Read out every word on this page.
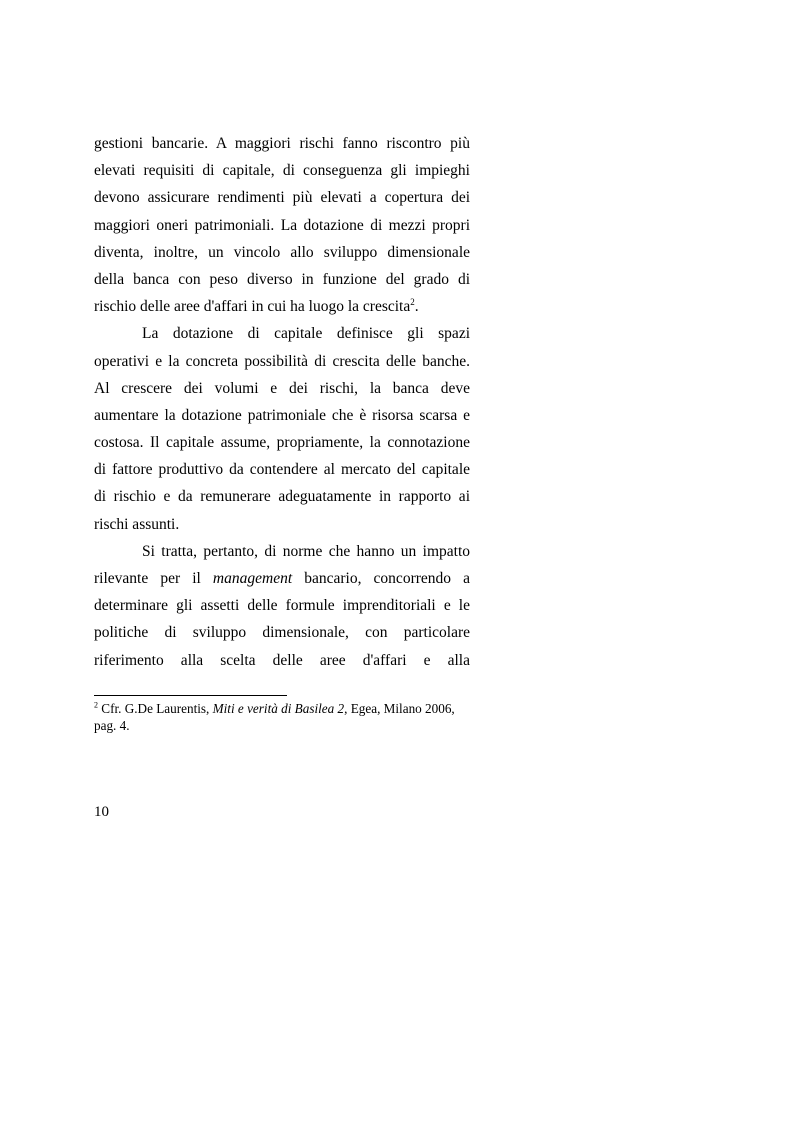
gestioni bancarie. A maggiori rischi fanno riscontro più
elevati requisiti di capitale, di conseguenza gli impieghi
devono assicurare rendimenti più elevati a copertura dei
maggiori oneri patrimoniali. La dotazione di mezzi propri
diventa, inoltre, un vincolo allo sviluppo dimensionale
della banca con peso diverso in funzione del grado di
rischio delle aree d'affari in cui ha luogo la crescita$^2$.
La dotazione di capitale definisce gli spazi
operativi e la concreta possibilità di crescita delle banche.
Al crescere dei volumi e dei rischi, la banca deve
aumentare la dotazione patrimoniale che è risorsa scarsa e
costosa. Il capitale assume, propriamente, la connotazione
di fattore produttivo da contendere al mercato del capitale
di rischio e da remunerare adeguatamente in rapporto ai
rischi assunti.
Si tratta, pertanto, di norme che hanno un impatto
rilevante per il management bancario, concorrendo a
determinare gli assetti delle formule imprenditoriali e le
politiche di sviluppo dimensionale, con particolare
riferimento alla scelta delle aree d'affari e alla
$^2$ Cfr. G.De Laurentis, Miti e verità di Basilea 2, Egea, Milano 2006,
pag. 4.
10
